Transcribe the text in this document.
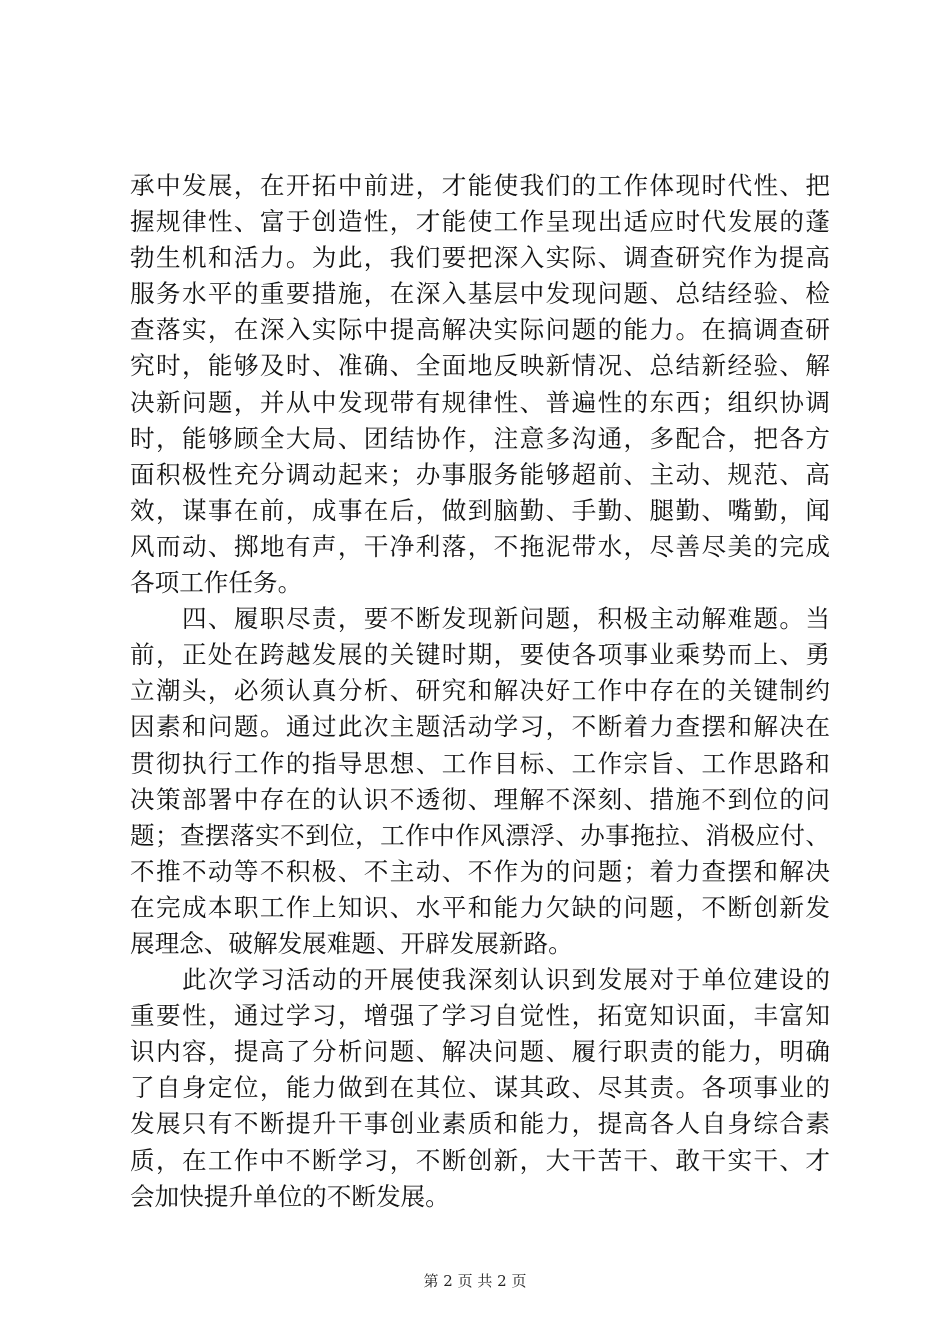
承中发展，在开拓中前进，才能使我们的工作体现时代性、把
握规律性、富于创造性，才能使工作呈现出适应时代发展的蓬
勃生机和活力。为此，我们要把深入实际、调查研究作为提高
服务水平的重要措施，在深入基层中发现问题、总结经验、检
查落实，在深入实际中提高解决实际问题的能力。在搞调查研
究时，能够及时、准确、全面地反映新情况、总结新经验、解
决新问题，并从中发现带有规律性、普遍性的东西；组织协调
时，能够顾全大局、团结协作，注意多沟通，多配合，把各方
面积极性充分调动起来；办事服务能够超前、主动、规范、高
效，谋事在前，成事在后，做到脑勤、手勤、腿勤、嘴勤，闻
风而动、掷地有声，干净利落，不拖泥带水，尽善尽美的完成
各项工作任务。
　　四、履职尽责，要不断发现新问题，积极主动解难题。当
前，正处在跨越发展的关键时期，要使各项事业乘势而上、勇
立潮头，必须认真分析、研究和解决好工作中存在的关键制约
因素和问题。通过此次主题活动学习，不断着力查摆和解决在
贯彻执行工作的指导思想、工作目标、工作宗旨、工作思路和
决策部署中存在的认识不透彻、理解不深刻、措施不到位的问
题；查摆落实不到位，工作中作风漂浮、办事拖拉、消极应付、
不推不动等不积极、不主动、不作为的问题；着力查摆和解决
在完成本职工作上知识、水平和能力欠缺的问题，不断创新发
展理念、破解发展难题、开辟发展新路。
　　此次学习活动的开展使我深刻认识到发展对于单位建设的
重要性，通过学习，增强了学习自觉性，拓宽知识面，丰富知
识内容，提高了分析问题、解决问题、履行职责的能力，明确
了自身定位，能力做到在其位、谋其政、尽其责。各项事业的
发展只有不断提升干事创业素质和能力，提高各人自身综合素
质，在工作中不断学习，不断创新，大干苦干、敢干实干、才
会加快提升单位的不断发展。
第 2 页 共 2 页
